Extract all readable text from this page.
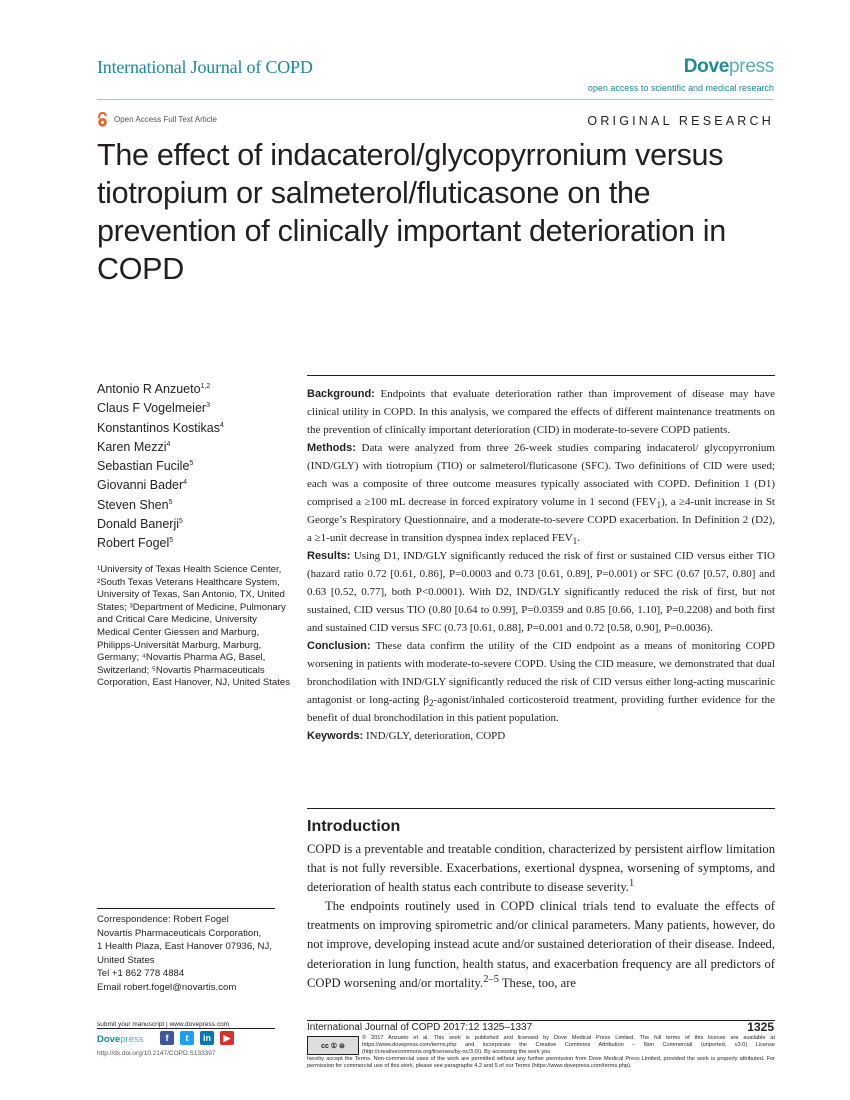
International Journal of COPD	Dovepress
open access to scientific and medical research
Open Access Full Text Article	ORIGINAL RESEARCH
The effect of indacaterol/glycopyrronium versus tiotropium or salmeterol/fluticasone on the prevention of clinically important deterioration in COPD
Antonio R Anzueto$^{1,2}$
Claus F Vogelmeier$^3$
Konstantinos Kostikas$^4$
Karen Mezzi$^4$
Sebastian Fucile$^5$
Giovanni Bader$^4$
Steven Shen$^5$
Donald Banerji$^5$
Robert Fogel$^5$
¹University of Texas Health Science Center, ²South Texas Veterans Healthcare System, University of Texas, San Antonio, TX, United States; ³Department of Medicine, Pulmonary and Critical Care Medicine, University Medical Center Giessen and Marburg, Philipps-Universität Marburg, Marburg, Germany; ⁴Novartis Pharma AG, Basel, Switzerland; ⁵Novartis Pharmaceuticals Corporation, East Hanover, NJ, United States
Correspondence: Robert Fogel
Novartis Pharmaceuticals Corporation,
1 Health Plaza, East Hanover 07936, NJ,
United States
Tel +1 862 778 4884
Email robert.fogel@novartis.com

Background: Endpoints that evaluate deterioration rather than improvement of disease may have clinical utility in COPD. In this analysis, we compared the effects of different maintenance treatments on the prevention of clinically important deterioration (CID) in moderate-to-severe COPD patients.

Methods: Data were analyzed from three 26-week studies comparing indacaterol/ glycopyrronium (IND/GLY) with tiotropium (TIO) or salmeterol/fluticasone (SFC). Two definitions of CID were used; each was a composite of three outcome measures typically associated with COPD. Definition 1 (D1) comprised a ≥100 mL decrease in forced expiratory volume in 1 second $(FEV_1)$, a ≥4-unit increase in St George’s Respiratory Questionnaire, and a moderate-to-severe COPD exacerbation. In Definition 2 (D2), a ≥1-unit decrease in transition dyspnea index replaced $FEV_1$.

Results: Using D1, IND/GLY significantly reduced the risk of first or sustained CID versus either TIO (hazard ratio 0.72 [0.61, 0.86], P=0.0003 and 0.73 [0.61, 0.89], P=0.001) or SFC (0.67 [0.57, 0.80] and 0.63 [0.52, 0.77], both P<0.0001). With D2, IND/GLY significantly reduced the risk of first, but not sustained, CID versus TIO (0.80 [0.64 to 0.99], P=0.0359 and 0.85 [0.66, 1.10], P=0.2208) and both first and sustained CID versus SFC (0.73 [0.61, 0.88], P=0.001 and 0.72 [0.58, 0.90], P=0.0036).

Conclusion: These data confirm the utility of the CID endpoint as a means of monitoring COPD worsening in patients with moderate-to-severe COPD. Using the CID measure, we demonstrated that dual bronchodilation with IND/GLY significantly reduced the risk of CID versus either long-acting muscarinic antagonist or long-acting $\beta_2-agonist$/inhaled corticosteroid treatment, providing further evidence for the benefit of dual bronchodilation in this patient population.

Keywords: IND/GLY, deterioration, COPD

Introduction

COPD is a preventable and treatable condition, characterized by persistent airflow limitation that is not fully reversible. Exacerbations, exertional dyspnea, worsening of symptoms, and deterioration of health status each contribute to disease severity.$^1$

The endpoints routinely used in COPD clinical trials tend to evaluate the effects of treatments on improving spirometric and/or clinical parameters. Many patients, however, do not improve, developing instead acute and/or sustained deterioration of their disease. Indeed, deterioration in lung function, health status, and exacerbation frequency are all predictors of COPD worsening and/or mortality.$^{2-5}$ These, too, are

submit your manuscript | www.dovepress.com
Dovepress	f	t	in	▶
http://dx.doi.org/10.2147/COPD.S133397
International Journal of COPD 2017:12 1325–1337	1325
cc ① ⊜
© 2017 Anzueto et al. This work is published and licensed by Dove Medical Press Limited. The full terms of this license are available at https://www.dovepress.com/terms.php and incorporate the Creative Commons Attribution – Non Commercial (unported, v3.0) License (http://creativecommons.org/licenses/by-nc/3.0/). By accessing the work you
hereby accept the Terms. Non-commercial uses of the work are permitted without any further permission from Dove Medical Press Limited, provided the work is properly attributed. For permission for commercial use of this work, please see paragraphs 4.2 and 5 of our Terms (https://www.dovepress.com/terms.php).
